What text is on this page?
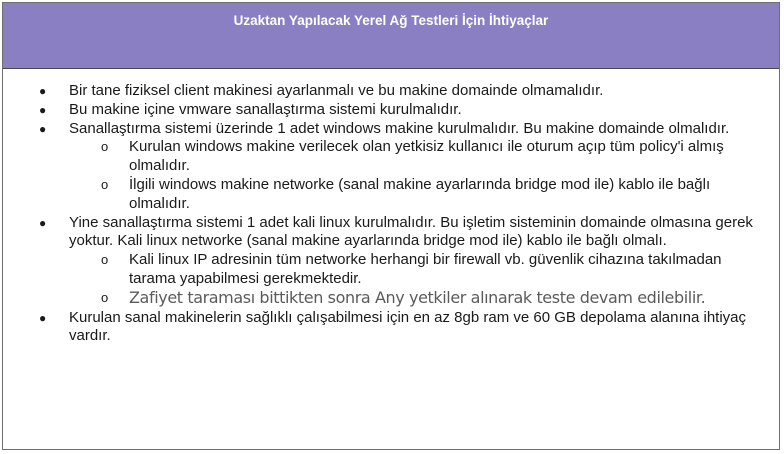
Uzaktan Yapılacak Yerel Ağ Testleri İçin İhtiyaçlar
● Bir tane fiziksel client makinesi ayarlanmalı ve bu makine domainde olmamalıdır.
● Bu makine içine vmware sanallaştırma sistemi kurulmalıdır.
● Sanallaştırma sistemi üzerinde 1 adet windows makine kurulmalıdır. Bu makine domainde olmalıdır.
o Kurulan windows makine verilecek olan yetkisiz kullanıcı ile oturum açıp tüm policy'i almış olmalıdır.
o İlgili windows makine networke (sanal makine ayarlarında bridge mod ile) kablo ile bağlı olmalıdır.
● Yine sanallaştırma sistemi 1 adet kali linux kurulmalıdır. Bu işletim sisteminin domainde olmasına gerek yoktur. Kali linux networke (sanal makine ayarlarında bridge mod ile) kablo ile bağlı olmalı.
o Kali linux IP adresinin tüm networke herhangi bir firewall vb. güvenlik cihazına takılmadan tarama yapabilmesi gerekmektedir.
o Zafiyet taraması bittikten sonra Any yetkiler alınarak teste devam edilebilir.
● Kurulan sanal makinelerin sağlıklı çalışabilmesi için en az 8gb ram ve 60 GB depolama alanına ihtiyaç vardır.
